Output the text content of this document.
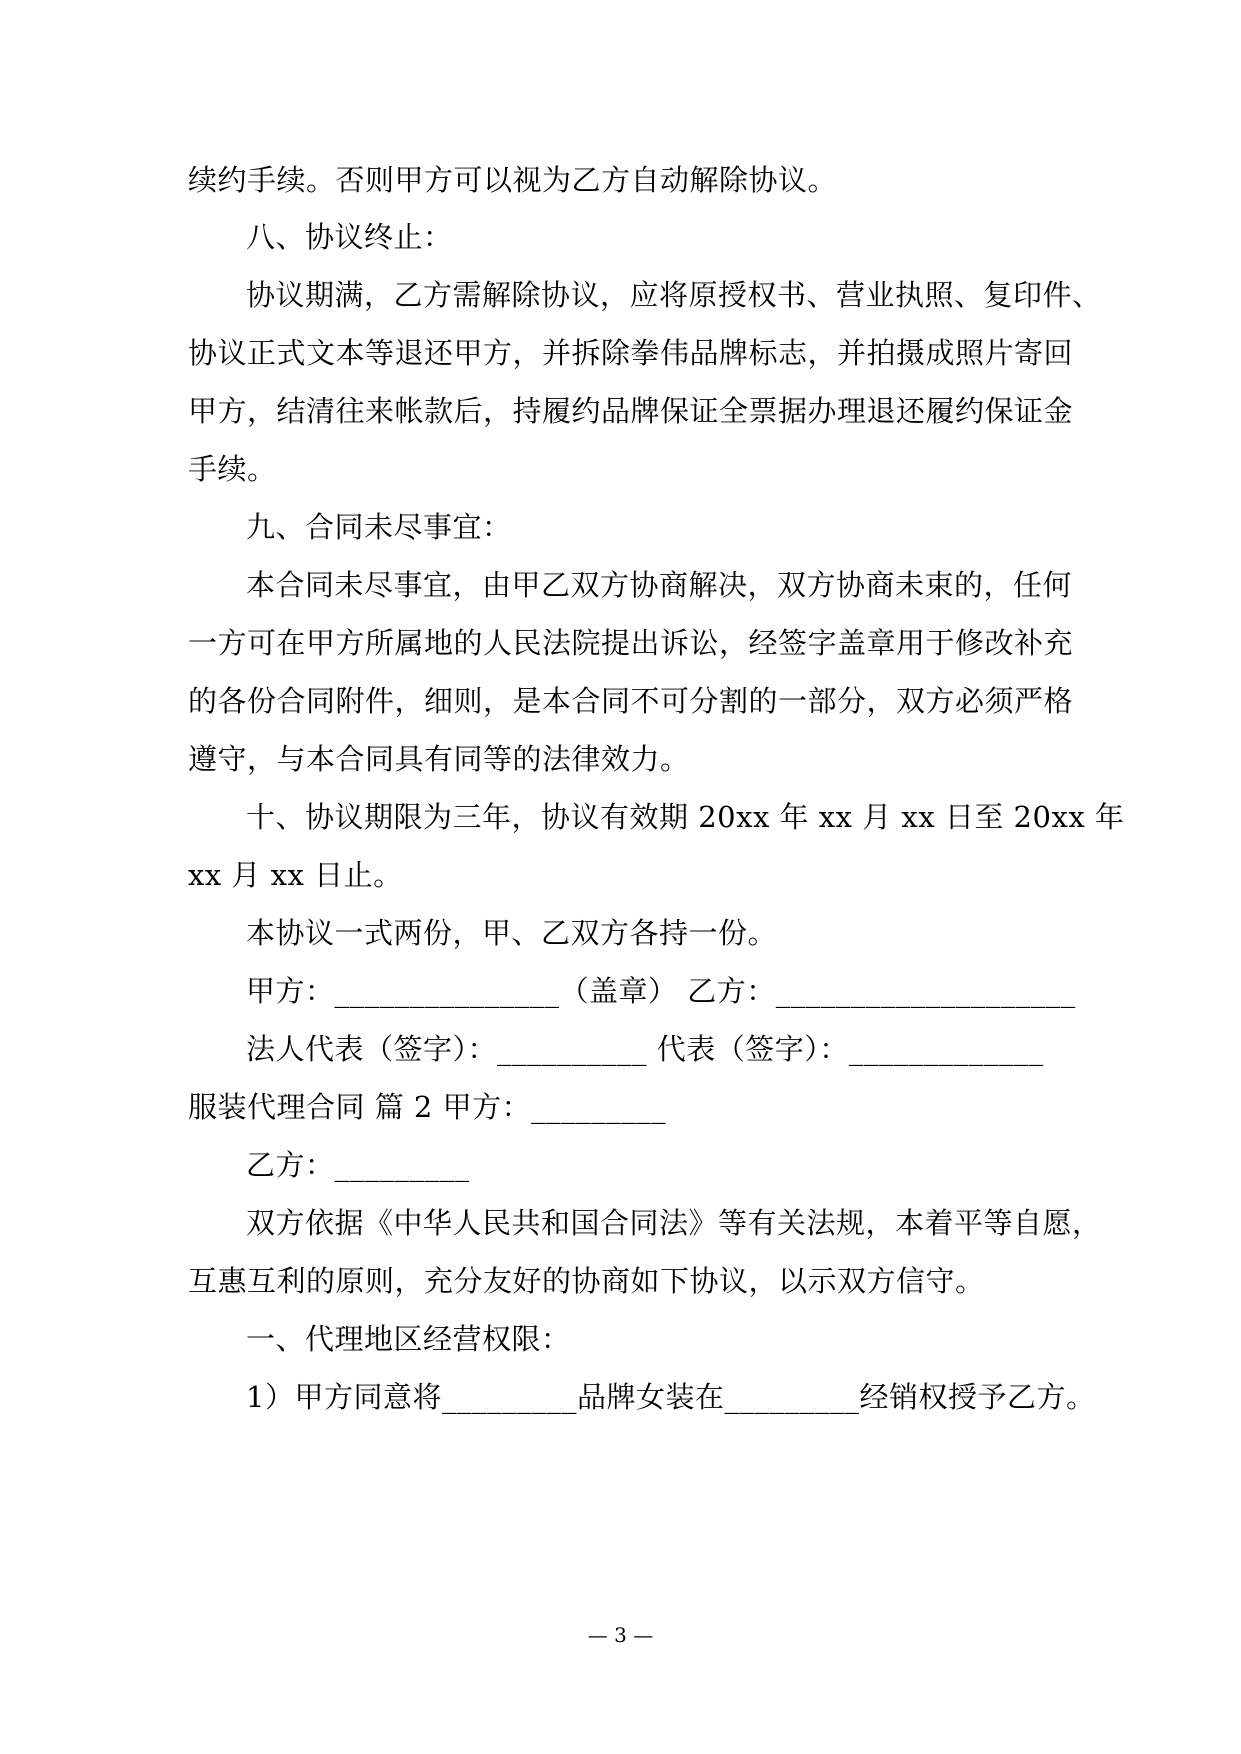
续约手续。否则甲方可以视为乙方自动解除协议。
八、协议终止：
协议期满，乙方需解除协议，应将原授权书、营业执照、复印件、
协议正式文本等退还甲方，并拆除拳伟品牌标志，并拍摄成照片寄回
甲方，结清往来帐款后，持履约品牌保证全票据办理退还履约保证金
手续。
九、合同未尽事宜：
本合同未尽事宜，由甲乙双方协商解决，双方协商未束的，任何
一方可在甲方所属地的人民法院提出诉讼，经签字盖章用于修改补充
的各份合同附件，细则，是本合同不可分割的一部分，双方必须严格
遵守，与本合同具有同等的法律效力。
十、协议期限为三年，协议有效期 20xx 年 xx 月 xx 日至 20xx 年
xx 月 xx 日止。
本协议一式两份，甲、乙双方各持一份。
甲方：_______________（盖章） 乙方：____________________
法人代表（签字）：__________ 代表（签字）：_____________
服装代理合同 篇 2 甲方：_________
乙方：_________
双方依据《中华人民共和国合同法》等有关法规，本着平等自愿，
互惠互利的原则，充分友好的协商如下协议，以示双方信守。
一、代理地区经营权限：
1）甲方同意将_________品牌女装在_________经销权授予乙方。
— 3 —
